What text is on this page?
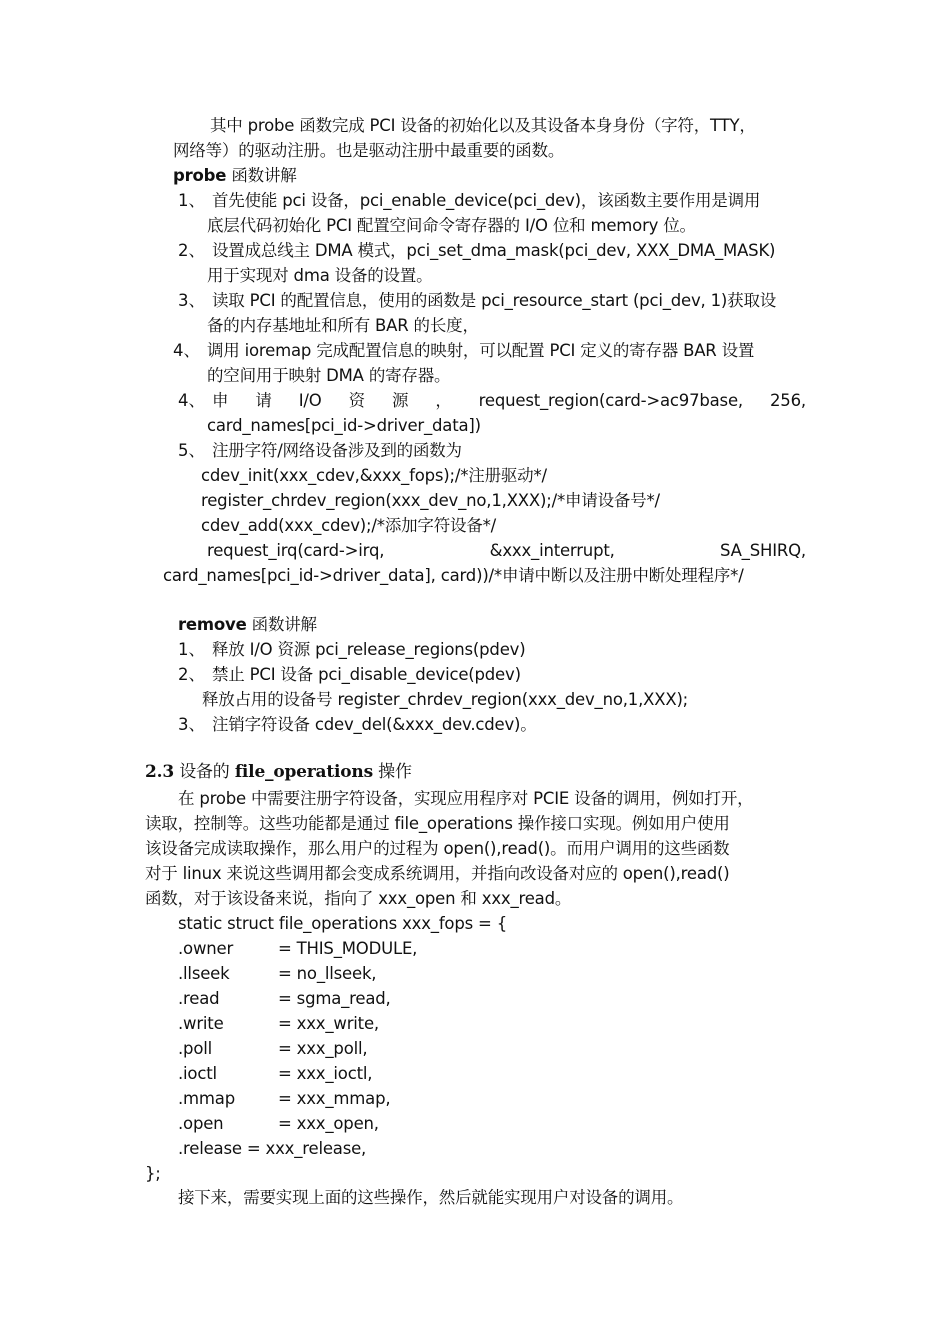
其中 probe 函数完成 PCI 设备的初始化以及其设备本身身份（字符，TTY，
网络等）的驱动注册。也是驱动注册中最重要的函数。
probe 函数讲解
1、 首先使能 pci 设备，pci_enable_device(pci_dev)，该函数主要作用是调用
底层代码初始化 PCI 配置空间命令寄存器的 I/O 位和 memory 位。
2、 设置成总线主 DMA 模式，pci_set_dma_mask(pci_dev, XXX_DMA_MASK)
用于实现对 dma 设备的设置。
3、 读取 PCI 的配置信息，使用的函数是 pci_resource_start (pci_dev, 1)获取设
备的内存基地址和所有 BAR 的长度，
4、 调用 ioremap 完成配置信息的映射，可以配置 PCI 定义的寄存器 BAR 设置
的空间用于映射 DMA 的寄存器。
4、 申 请 I/O 资 源 ， request_region(card->ac97base, 256,
card_names[pci_id->driver_data])
5、 注册字符/网络设备涉及到的函数为
cdev_init(xxx_cdev,&xxx_fops);/*注册驱动*/
register_chrdev_region(xxx_dev_no,1,XXX);/*申请设备号*/
cdev_add(xxx_cdev);/*添加字符设备*/
request_irq(card->irq,	&xxx_interrupt,	SA_SHIRQ,
card_names[pci_id->driver_data], card))/*申请中断以及注册中断处理程序*/
remove 函数讲解
1、 释放 I/O 资源 pci_release_regions(pdev)
2、 禁止 PCI 设备 pci_disable_device(pdev)
释放占用的设备号 register_chrdev_region(xxx_dev_no,1,XXX);
3、 注销字符设备 cdev_del(&xxx_dev.cdev)。
2.3 设备的 file_operations 操作
在 probe 中需要注册字符设备，实现应用程序对 PCIE 设备的调用，例如打开，
读取，控制等。这些功能都是通过 file_operations 操作接口实现。例如用户使用
该设备完成读取操作，那么用户的过程为 open(),read()。而用户调用的这些函数
对于 linux 来说这些调用都会变成系统调用，并指向改设备对应的 open(),read()
函数，对于该设备来说，指向了 xxx_open 和 xxx_read。
static struct file_operations xxx_fops = {
.owner	= THIS_MODULE,
.llseek	= no_llseek,
.read	= sgma_read,
.write	= xxx_write,
.poll	= xxx_poll,
.ioctl	= xxx_ioctl,
.mmap	= xxx_mmap,
.open	= xxx_open,
.release = xxx_release,
};
接下来，需要实现上面的这些操作，然后就能实现用户对设备的调用。
